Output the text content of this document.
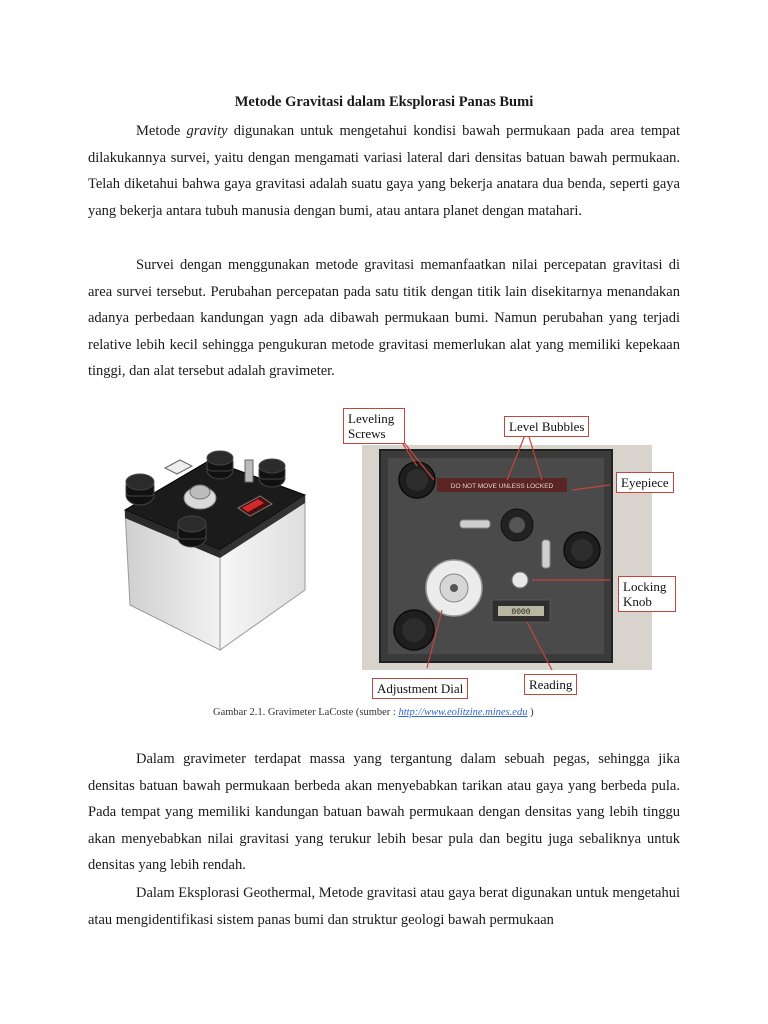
Metode Gravitasi dalam Eksplorasi Panas Bumi

Metode gravity digunakan untuk mengetahui kondisi bawah permukaan pada area tempat dilakukannya survei, yaitu dengan mengamati variasi lateral dari densitas batuan bawah permukaan. Telah diketahui bahwa gaya gravitasi adalah suatu gaya yang bekerja anatara dua benda, seperti gaya yang bekerja antara tubuh manusia dengan bumi, atau antara planet dengan matahari.

Survei dengan menggunakan metode gravitasi memanfaatkan nilai percepatan gravitasi di area survei tersebut. Perubahan percepatan pada satu titik dengan titik lain disekitarnya menandakan adanya perbedaan kandungan yagn ada dibawah permukaan bumi. Namun perubahan yang terjadi relative lebih kecil sehingga pengukuran metode gravitasi memerlukan alat yang memiliki kepekaan tinggi, dan alat tersebut adalah gravimeter.

DO NOT MOVE UNLESS LOCKED
0000
Leveling Screws	Level Bubbles
Eyepiece
Locking Knob
Adjustment Dial	Reading
Gambar 2.1. Gravimeter LaCoste (sumber : http://www.eolitzine.mines.edu )

Dalam gravimeter terdapat massa yang tergantung dalam sebuah pegas, sehingga jika densitas batuan bawah permukaan berbeda akan menyebabkan tarikan atau gaya yang berbeda pula. Pada tempat yang memiliki kandungan batuan bawah permukaan dengan densitas yang lebih tinggu akan menyebabkan nilai gravitasi yang terukur lebih besar pula dan begitu juga sebaliknya untuk densitas yang lebih rendah.

Dalam Eksplorasi Geothermal, Metode gravitasi atau gaya berat digunakan untuk mengetahui atau mengidentifikasi sistem panas bumi dan struktur geologi bawah permukaan
